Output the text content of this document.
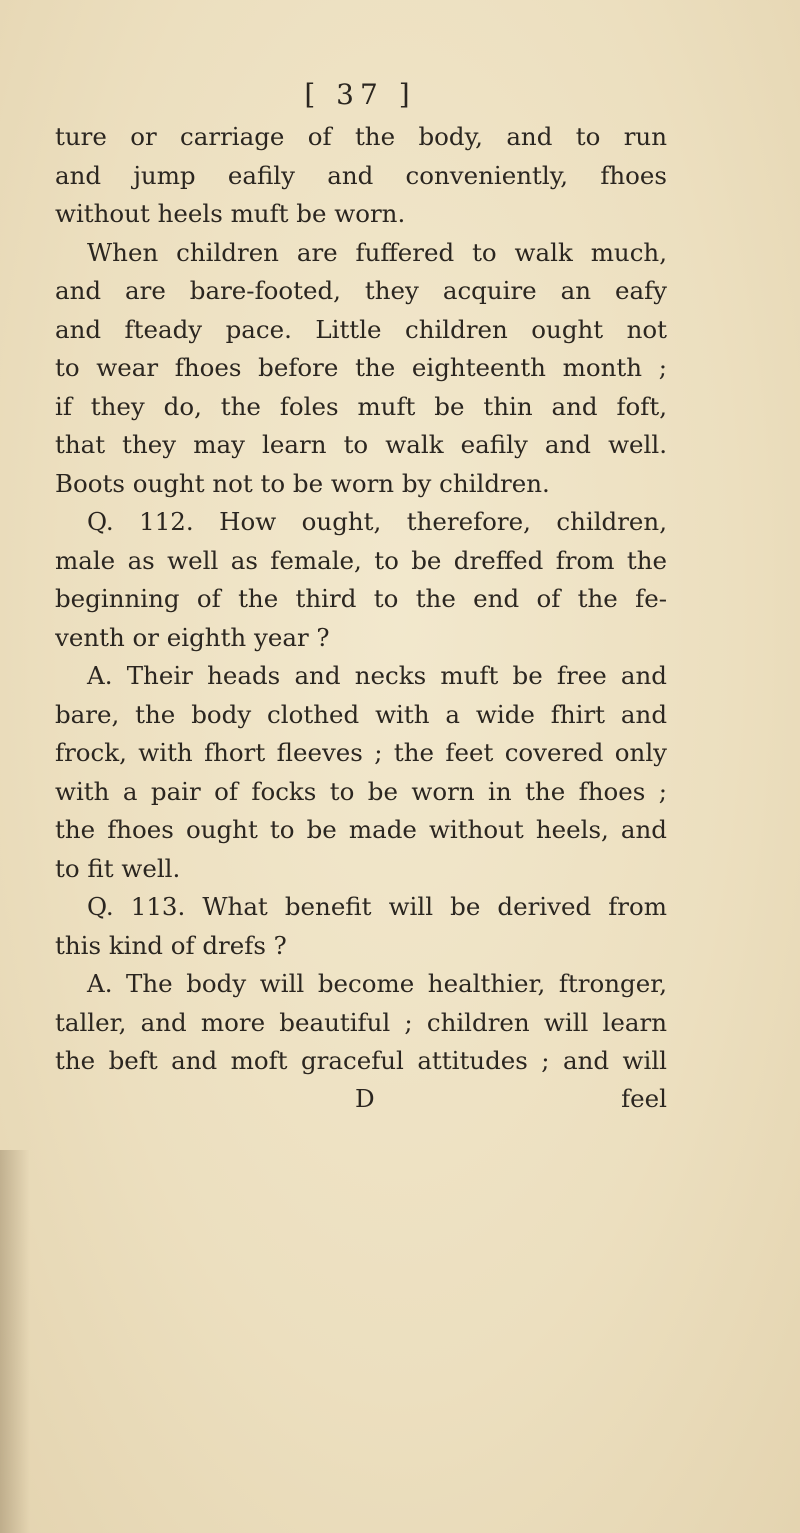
[ 37 ]
ture or carriage of the body, and to run
and jump eafily and conveniently, fhoes
without heels muft be worn.
When children are fuffered to walk much,
and are bare-footed, they acquire an eafy
and fteady pace. Little children ought not
to wear fhoes before the eighteenth month ;
if they do, the foles muft be thin and foft,
that they may learn to walk eafily and well.
Boots ought not to be worn by children.
Q. 112. How ought, therefore, children,
male as well as female, to be dreffed from the
beginning of the third to the end of the fe-
venth or eighth year ?
A. Their heads and necks muft be free and
bare, the body clothed with a wide fhirt and
frock, with fhort fleeves ; the feet covered only
with a pair of focks to be worn in the fhoes ;
the fhoes ought to be made without heels, and
to fit well.
Q. 113. What benefit will be derived from
this kind of drefs ?
A. The body will become healthier, ftronger,
taller, and more beautiful ; children will learn
the beft and moft graceful attitudes ; and will
D	feel
